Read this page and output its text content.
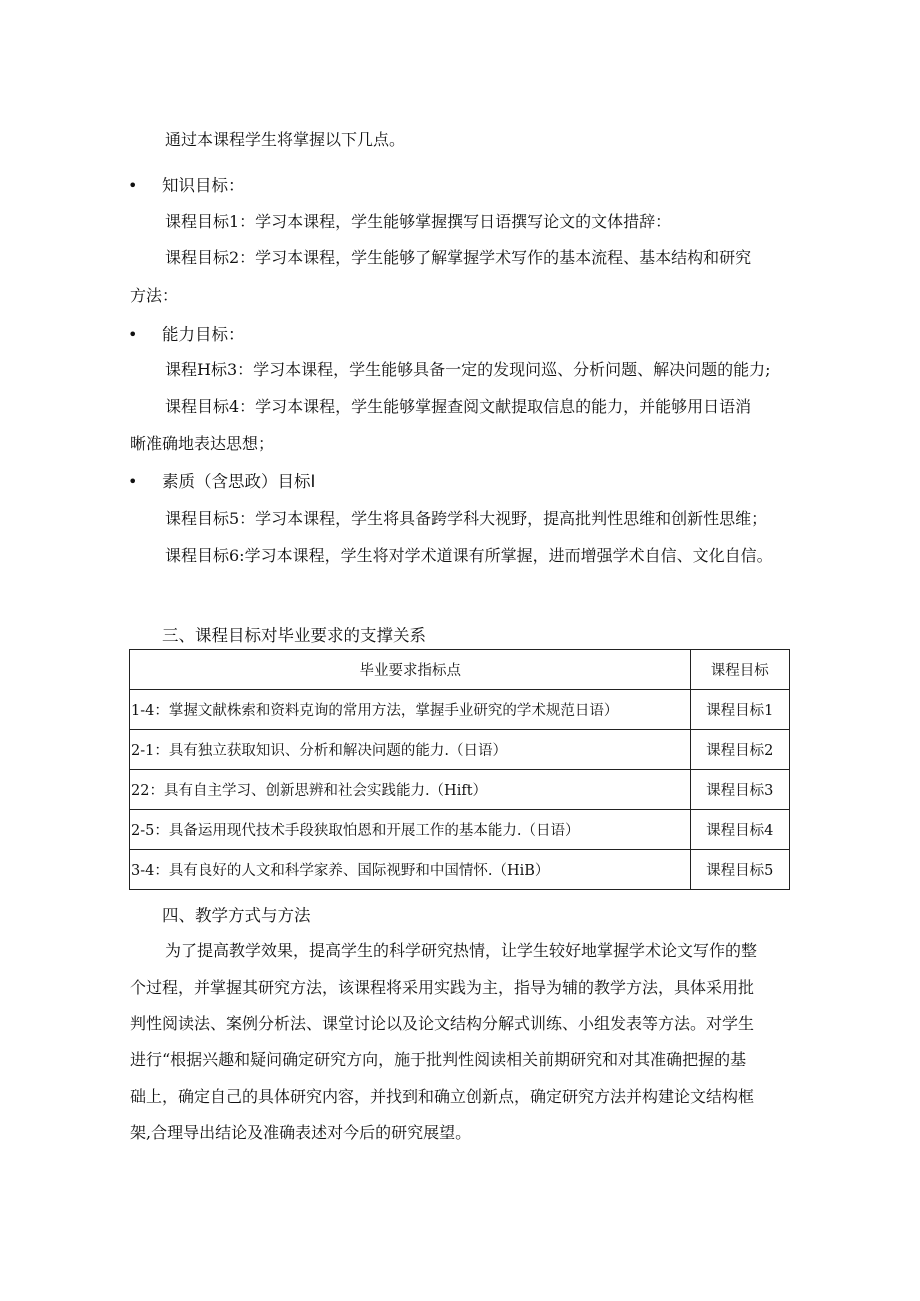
通过本课程学生将掌握以下几点。
• 知识目标：
课程目标1：学习本课程，学生能够掌握撰写日语撰写论文的文体措辞：
课程目标2：学习本课程，学生能够了解掌握学术写作的基本流程、基本结构和研究
方法：
• 能力目标：
课程H标3：学习本课程，学生能够具备一定的发现问巡、分析问题、解决问题的能力;
课程目标4：学习本课程，学生能够掌握查阅文献提取信息的能力，并能够用日语消
晰准确地表达思想；
• 素质（含思政）目标I
课程目标5：学习本课程，学生将具备跨学科大视野，提高批判性思维和创新性思维；
课程目标6:学习本课程，学生将对学术道课有所掌握，进而增强学术自信、文化自信。
三、课程目标对毕业要求的支撑关系
毕业要求指标点	课程目标
1-4：掌握文献株索和资料克询的常用方法，掌握手业研究的学术规范日语）	课程目标1
2-1：具有独立获取知识、分析和解决问题的能力.（日语）	课程目标2
22：具有自主学习、创新思辨和社会实践能力.（Hift）	课程目标3
2-5：具备运用现代技术手段狭取怕恩和开展工作的基本能力.（日语）	课程目标4
3-4：具有良好的人文和科学家养、国际视野和中国情怀.（HiB）	课程目标5
四、教学方式与方法
为了提高教学效果，提高学生的科学研究热情，让学生较好地掌握学术论文写作的整
个过程，并掌握其研究方法，该课程将采用实践为主，指导为辅的教学方法，具体采用批
判性阅读法、案例分析法、课堂讨论以及论文结构分解式训练、小组发表等方法。对学生
进行“根据兴趣和疑问确定研究方向，施于批判性阅读相关前期研究和对其准确把握的基
础上，确定自己的具体研究内容，并找到和确立创新点，确定研究方法并构建论文结构框
架,合理导出结论及准确表述对今后的研究展望。
